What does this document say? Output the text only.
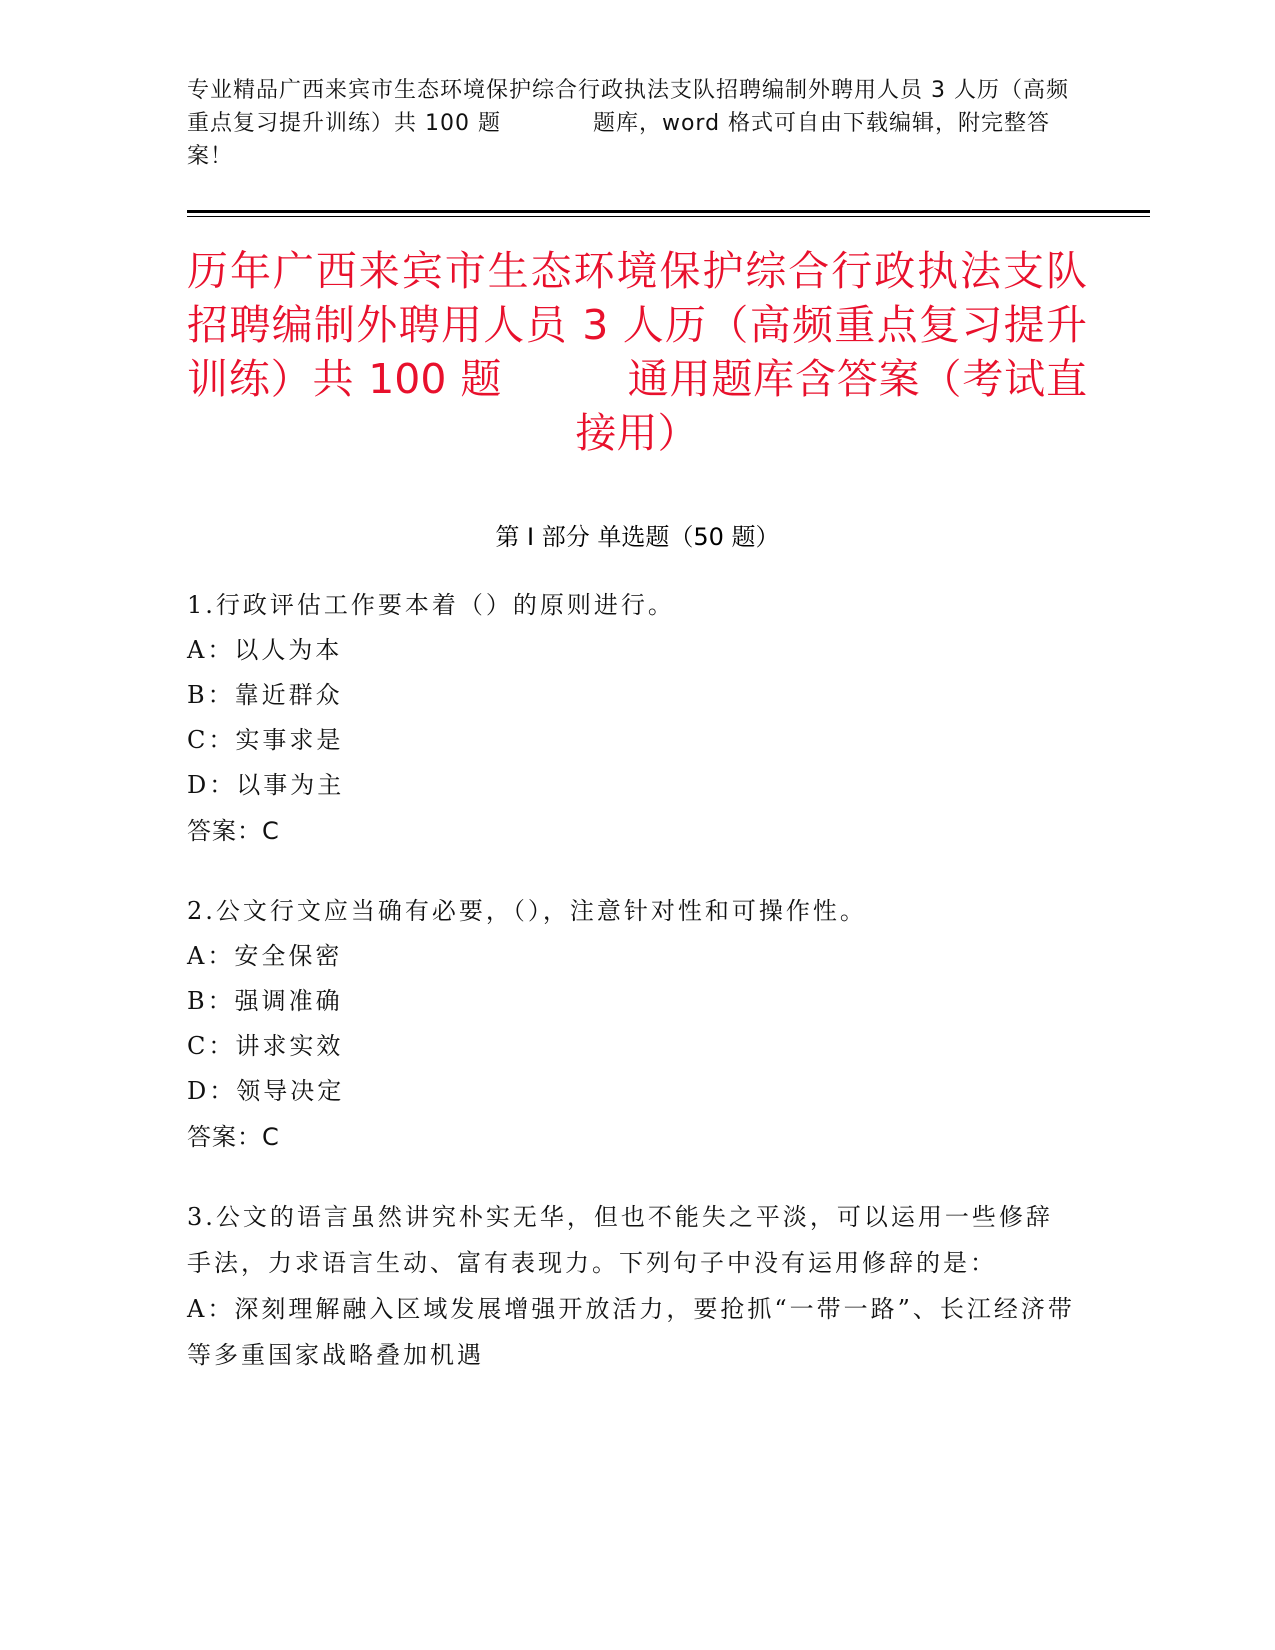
专业精品广西来宾市生态环境保护综合行政执法支队招聘编制外聘用人员 3 人历（高频重点复习提升训练）共 100 题　　　　题库，word 格式可自由下载编辑，附完整答案！
历年广西来宾市生态环境保护综合行政执法支队招聘编制外聘用人员 3 人历（高频重点复习提升训练）共 100 题　　　通用题库含答案（考试直接用）
第 I 部分 单选题（50 题）

1.行政评估工作要本着（）的原则进行。

A：以人为本

B：靠近群众

C：实事求是

D：以事为主

答案：C

2.公文行文应当确有必要，（），注意针对性和可操作性。

A：安全保密

B：强调准确

C：讲求实效

D：领导决定

答案：C

3.公文的语言虽然讲究朴实无华，但也不能失之平淡，可以运用一些修辞手法，力求语言生动、富有表现力。下列句子中没有运用修辞的是：

A：深刻理解融入区域发展增强开放活力，要抢抓“一带一路”、长江经济带等多重国家战略叠加机遇
